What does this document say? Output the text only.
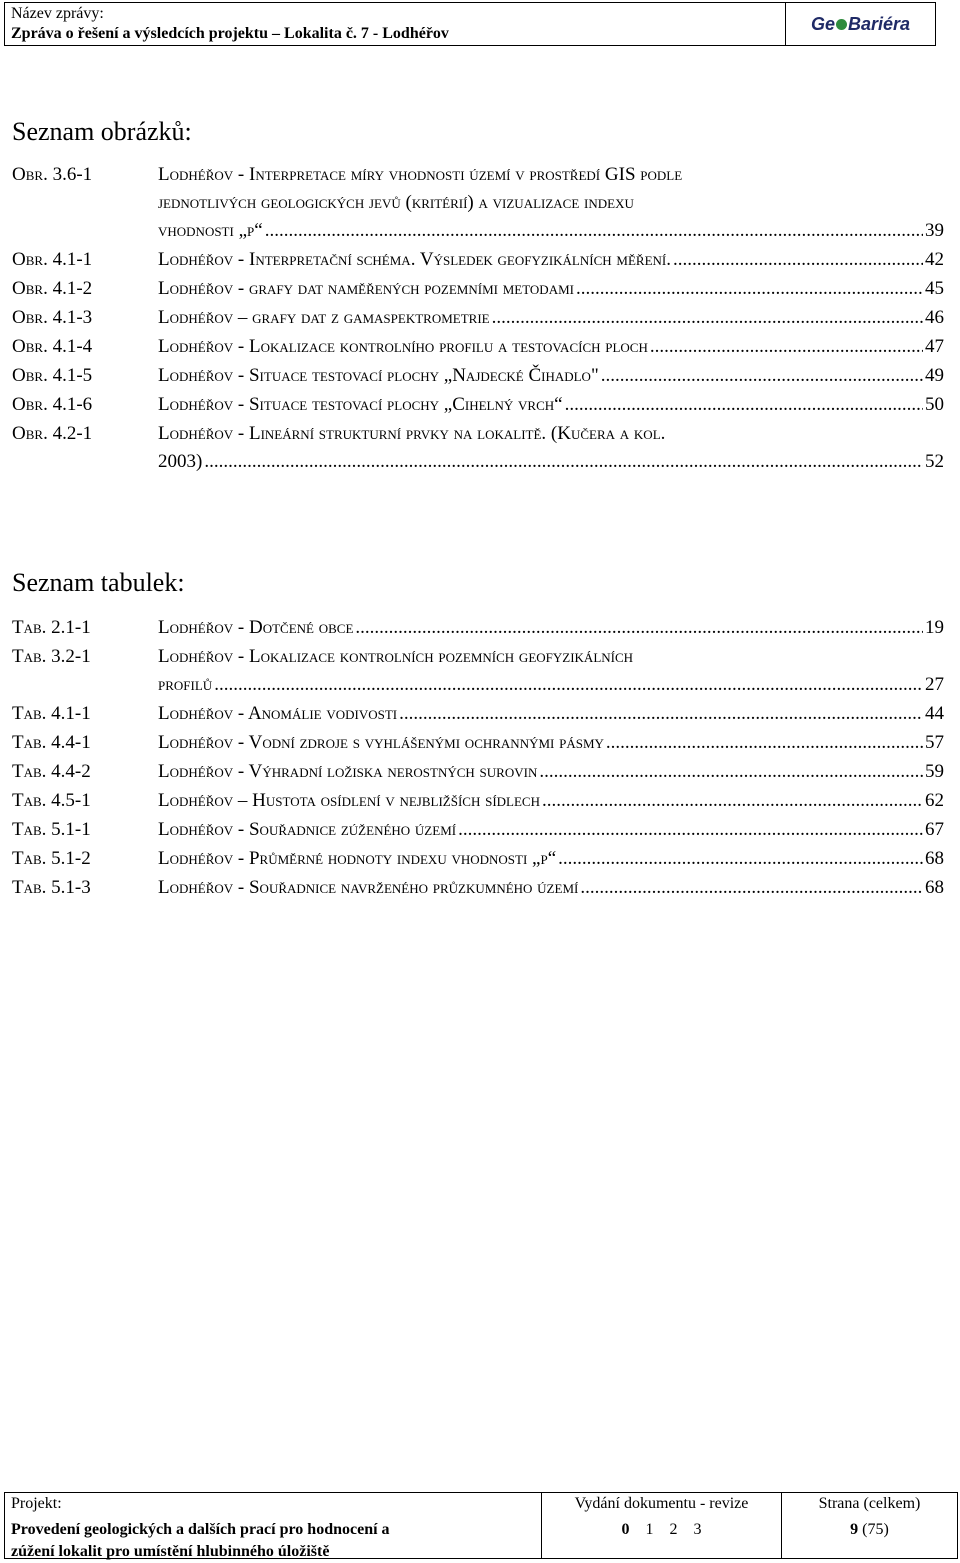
Název zprávy:
Zpráva o řešení a výsledcích projektu – Lokalita č. 7 - Lodhéřov	Ge Bariéra
Seznam obrázků:
Obr. 3.6-1	Lodhéřov - Interpretace míry vhodnosti území v prostředí GIS podle
jednotlivých geologických jevů (kritérií) a vizualizace indexu
vhodnosti „p“ .....	39
Obr. 4.1-1	Lodhéřov - Interpretační schéma. Výsledek geofyzikálních měření. .....	42
Obr. 4.1-2	Lodhéřov - grafy dat naměřených pozemními metodami .....	45
Obr. 4.1-3	Lodhéřov – grafy dat z gamaspektrometrie .....	46
Obr. 4.1-4	Lodhéřov - Lokalizace kontrolního profilu a testovacích ploch .....	47
Obr. 4.1-5	Lodhéřov - Situace testovací plochy „Najdecké Čihadlo" .....	49
Obr. 4.1-6	Lodhéřov - Situace testovací plochy „Cihelný vrch“ .....	50
Obr. 4.2-1	Lodhéřov - Lineární strukturní prvky na lokalitě. (Kučera a kol.
2003) .....	52
Seznam tabulek:
Tab. 2.1-1	Lodhéřov - Dotčené obce .....	19
Tab. 3.2-1	Lodhéřov - Lokalizace kontrolních pozemních geofyzikálních
profilů .....	27
Tab. 4.1-1	Lodhéřov - Anomálie vodivosti .....	44
Tab. 4.4-1	Lodhéřov - Vodní zdroje s vyhlášenými ochrannými pásmy .....	57
Tab. 4.4-2	Lodhéřov - Výhradní ložiska nerostných surovin .....	59
Tab. 4.5-1	Lodhéřov – Hustota osídlení v nejbližších sídlech .....	62
Tab. 5.1-1	Lodhéřov - Souřadnice zúženého území .....	67
Tab. 5.1-2	Lodhéřov - Průměrné hodnoty indexu vhodnosti „p“ .....	68
Tab. 5.1-3	Lodhéřov - Souřadnice navrženého průzkumného území .....	68
Projekt:
Provedení geologických a dalších prací pro hodnocení a
zúžení lokalit pro umístění hlubinného úložiště
Vydání dokumentu - revize
0 1 2 3
Strana (celkem)
9 (75)
